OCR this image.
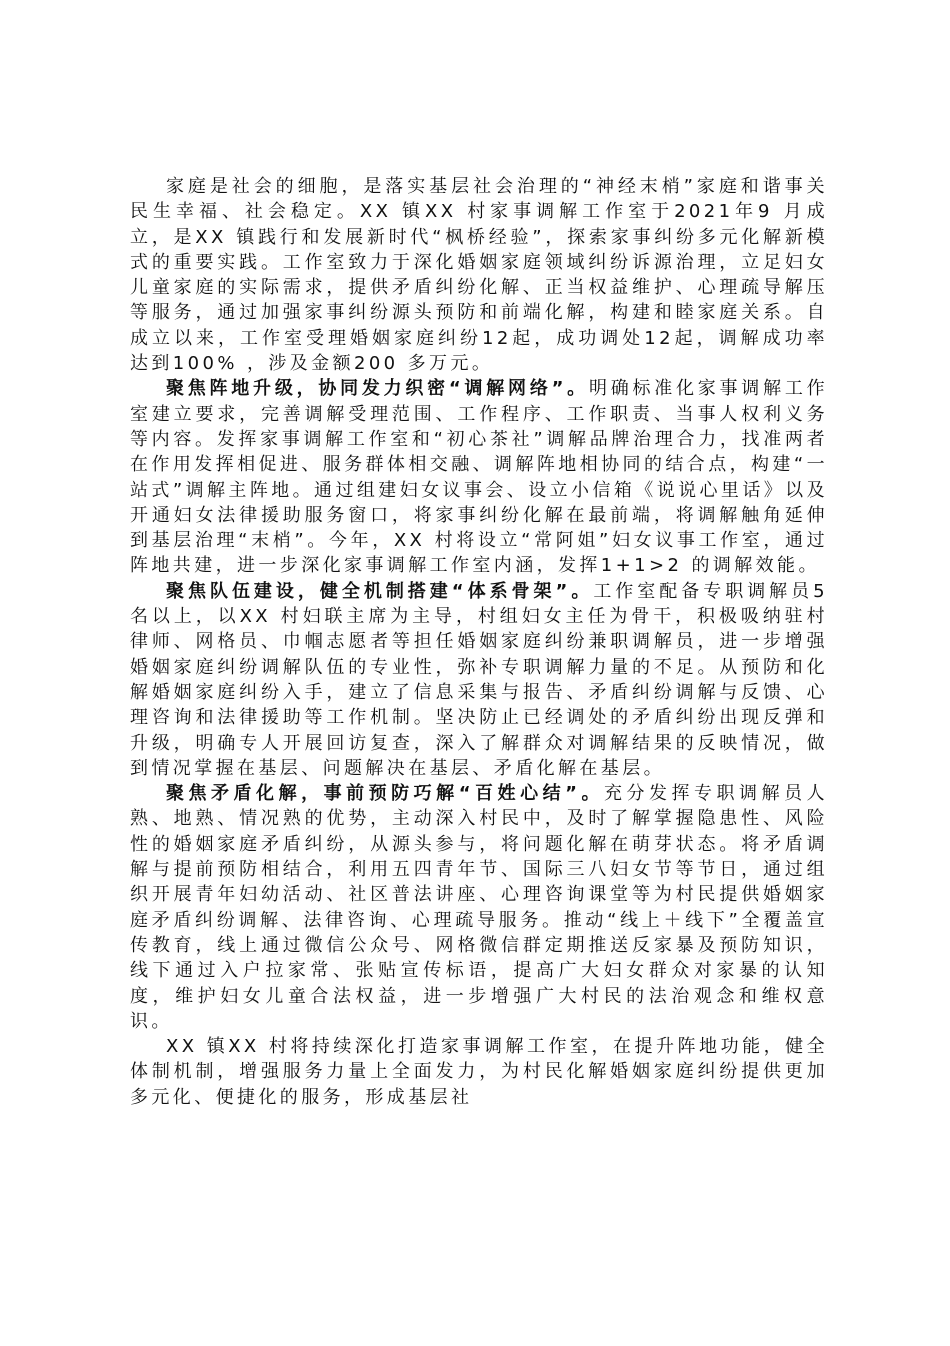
家庭是社会的细胞，是落实基层社会治理的“神经末梢”家庭和谐事关民生幸福、社会稳定。XX 镇XX 村家事调解工作室于2021年9 月成立，是XX 镇践行和发展新时代“枫桥经验”，探索家事纠纷多元化解新模式的重要实践。工作室致力于深化婚姻家庭领域纠纷诉源治理，立足妇女儿童家庭的实际需求，提供矛盾纠纷化解、正当权益维护、心理疏导解压等服务，通过加强家事纠纷源头预防和前端化解，构建和睦家庭关系。自成立以来，工作室受理婚姻家庭纠纷12起，成功调处12起，调解成功率达到100% ，涉及金额200 多万元。

聚焦阵地升级，协同发力织密“调解网络”。明确标准化家事调解工作室建立要求，完善调解受理范围、工作程序、工作职责、当事人权利义务等内容。发挥家事调解工作室和“初心茶社”调解品牌治理合力，找准两者在作用发挥相促进、服务群体相交融、调解阵地相协同的结合点，构建“一站式”调解主阵地。通过组建妇女议事会、设立小信箱《说说心里话》以及开通妇女法律援助服务窗口，将家事纠纷化解在最前端，将调解触角延伸到基层治理“末梢”。今年，XX 村将设立“常阿姐”妇女议事工作室，通过阵地共建，进一步深化家事调解工作室内涵，发挥1+1>2 的调解效能。

聚焦队伍建设，健全机制搭建“体系骨架”。工作室配备专职调解员5 名以上，以XX 村妇联主席为主导，村组妇女主任为骨干，积极吸纳驻村律师、网格员、巾帼志愿者等担任婚姻家庭纠纷兼职调解员，进一步增强婚姻家庭纠纷调解队伍的专业性，弥补专职调解力量的不足。从预防和化解婚姻家庭纠纷入手，建立了信息采集与报告、矛盾纠纷调解与反馈、心理咨询和法律援助等工作机制。坚决防止已经调处的矛盾纠纷出现反弹和升级，明确专人开展回访复查，深入了解群众对调解结果的反映情况，做到情况掌握在基层、问题解决在基层、矛盾化解在基层。

聚焦矛盾化解，事前预防巧解“百姓心结”。充分发挥专职调解员人熟、地熟、情况熟的优势，主动深入村民中，及时了解掌握隐患性、风险性的婚姻家庭矛盾纠纷，从源头参与，将问题化解在萌芽状态。将矛盾调解与提前预防相结合，利用五四青年节、国际三八妇女节等节日，通过组织开展青年妇幼活动、社区普法讲座、心理咨询课堂等为村民提供婚姻家庭矛盾纠纷调解、法律咨询、心理疏导服务。推动“线上＋线下”全覆盖宣传教育，线上通过微信公众号、网格微信群定期推送反家暴及预防知识，线下通过入户拉家常、张贴宣传标语，提高广大妇女群众对家暴的认知度，维护妇女儿童合法权益，进一步增强广大村民的法治观念和维权意识。

XX 镇XX 村将持续深化打造家事调解工作室，在提升阵地功能，健全体制机制，增强服务力量上全面发力，为村民化解婚姻家庭纠纷提供更加多元化、便捷化的服务，形成基层社
